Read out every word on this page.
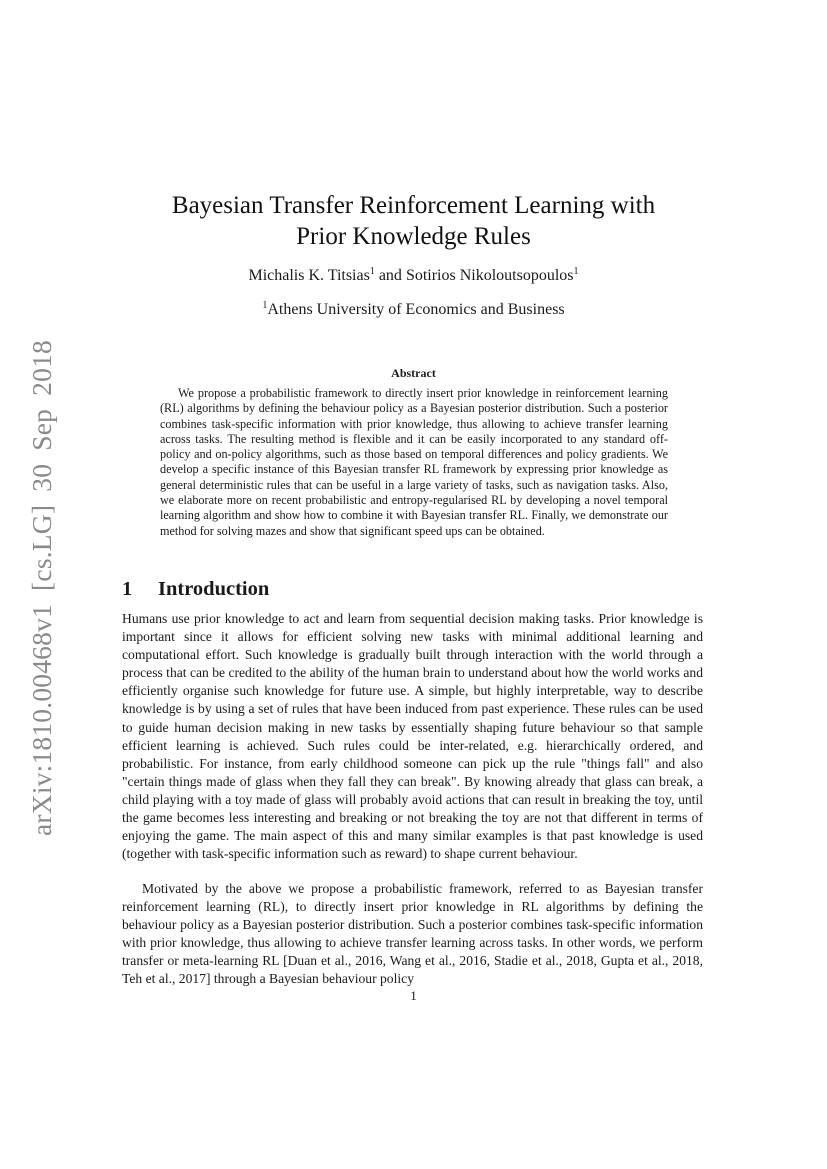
arXiv:1810.00468v1 [cs.LG] 30 Sep 2018
Bayesian Transfer Reinforcement Learning with
Prior Knowledge Rules
Michalis K. Titsias$^1$ and Sotirios Nikoloutsopoulos$^1$
$^1$Athens University of Economics and Business
Abstract

We propose a probabilistic framework to directly insert prior knowledge in reinforcement learning (RL) algorithms by defining the behaviour policy as a Bayesian posterior distribution. Such a posterior combines task-specific information with prior knowledge, thus allowing to achieve transfer learning across tasks. The resulting method is flexible and it can be easily incorporated to any standard off-policy and on-policy algorithms, such as those based on temporal differences and policy gradients. We develop a specific instance of this Bayesian transfer RL framework by expressing prior knowledge as general deterministic rules that can be useful in a large variety of tasks, such as navigation tasks. Also, we elaborate more on recent probabilistic and entropy-regularised RL by developing a novel temporal learning algorithm and show how to combine it with Bayesian transfer RL. Finally, we demonstrate our method for solving mazes and show that significant speed ups can be obtained.

1 Introduction

Humans use prior knowledge to act and learn from sequential decision making tasks. Prior knowledge is important since it allows for efficient solving new tasks with minimal additional learning and computational effort. Such knowledge is gradually built through interaction with the world through a process that can be credited to the ability of the human brain to understand about how the world works and efficiently organise such knowledge for future use. A simple, but highly interpretable, way to describe knowledge is by using a set of rules that have been induced from past experience. These rules can be used to guide human decision making in new tasks by essentially shaping future behaviour so that sample efficient learning is achieved. Such rules could be inter-related, e.g. hierarchically ordered, and probabilistic. For instance, from early childhood someone can pick up the rule "things fall" and also "certain things made of glass when they fall they can break". By knowing already that glass can break, a child playing with a toy made of glass will probably avoid actions that can result in breaking the toy, until the game becomes less interesting and breaking or not breaking the toy are not that different in terms of enjoying the game. The main aspect of this and many similar examples is that past knowledge is used (together with task-specific information such as reward) to shape current behaviour.

Motivated by the above we propose a probabilistic framework, referred to as Bayesian transfer reinforcement learning (RL), to directly insert prior knowledge in RL algorithms by defining the behaviour policy as a Bayesian posterior distribution. Such a posterior combines task-specific information with prior knowledge, thus allowing to achieve transfer learning across tasks. In other words, we perform transfer or meta-learning RL [Duan et al., 2016, Wang et al., 2016, Stadie et al., 2018, Gupta et al., 2018, Teh et al., 2017] through a Bayesian behaviour policy

1
